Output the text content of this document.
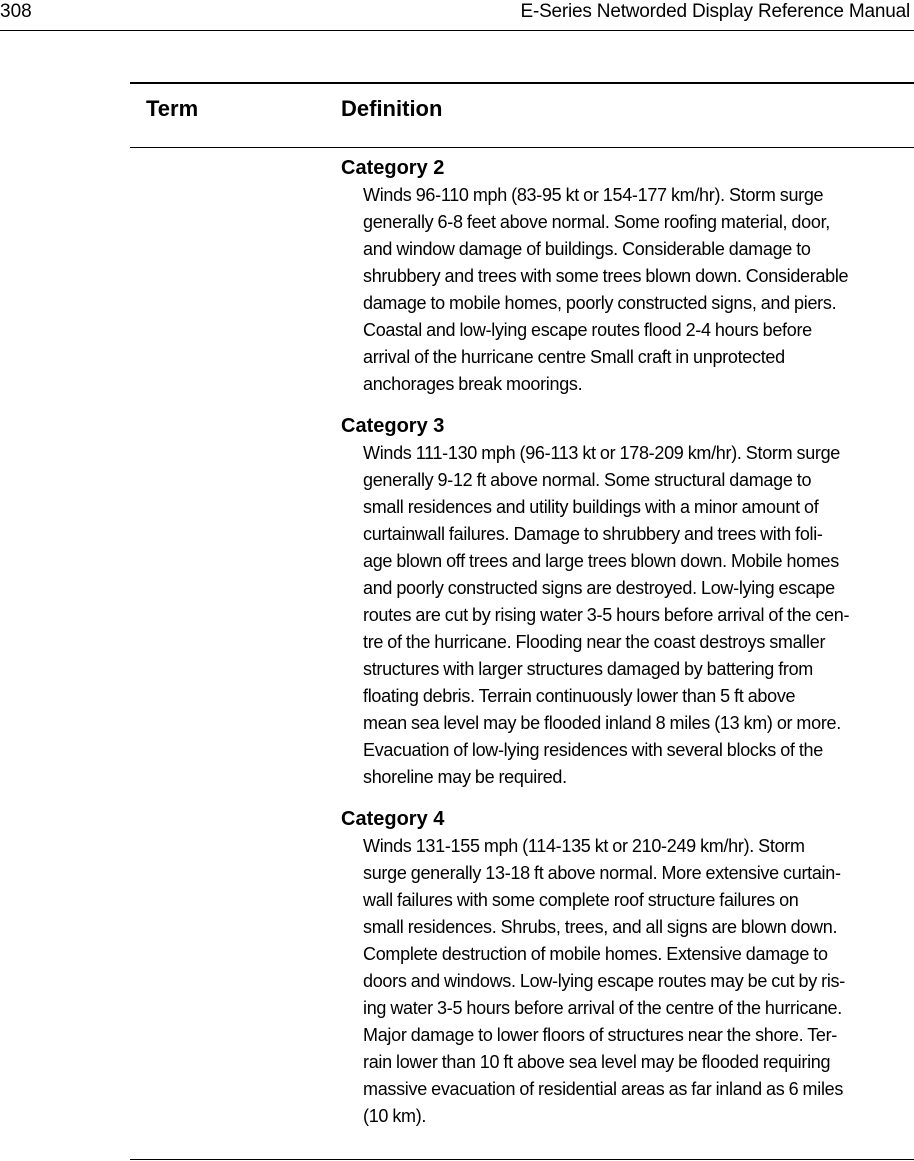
308	E-Series Networded Display Reference Manual
Term	Definition
Category 2
Winds 96-110 mph (83-95 kt or 154-177 km/hr). Storm surge
generally 6-8 feet above normal. Some roofing material, door,
and window damage of buildings. Considerable damage to
shrubbery and trees with some trees blown down. Considerable
damage to mobile homes, poorly constructed signs, and piers.
Coastal and low-lying escape routes flood 2-4 hours before
arrival of the hurricane centre Small craft in unprotected
anchorages break moorings.
Category 3
Winds 111-130 mph (96-113 kt or 178-209 km/hr). Storm surge
generally 9-12 ft above normal. Some structural damage to
small residences and utility buildings with a minor amount of
curtainwall failures. Damage to shrubbery and trees with foli-
age blown off trees and large trees blown down. Mobile homes
and poorly constructed signs are destroyed. Low-lying escape
routes are cut by rising water 3-5 hours before arrival of the cen-
tre of the hurricane. Flooding near the coast destroys smaller
structures with larger structures damaged by battering from
floating debris. Terrain continuously lower than 5 ft above
mean sea level may be flooded inland 8 miles (13 km) or more.
Evacuation of low-lying residences with several blocks of the
shoreline may be required.
Category 4
Winds 131-155 mph (114-135 kt or 210-249 km/hr). Storm
surge generally 13-18 ft above normal. More extensive curtain-
wall failures with some complete roof structure failures on
small residences. Shrubs, trees, and all signs are blown down.
Complete destruction of mobile homes. Extensive damage to
doors and windows. Low-lying escape routes may be cut by ris-
ing water 3-5 hours before arrival of the centre of the hurricane.
Major damage to lower floors of structures near the shore. Ter-
rain lower than 10 ft above sea level may be flooded requiring
massive evacuation of residential areas as far inland as 6 miles
(10 km).
